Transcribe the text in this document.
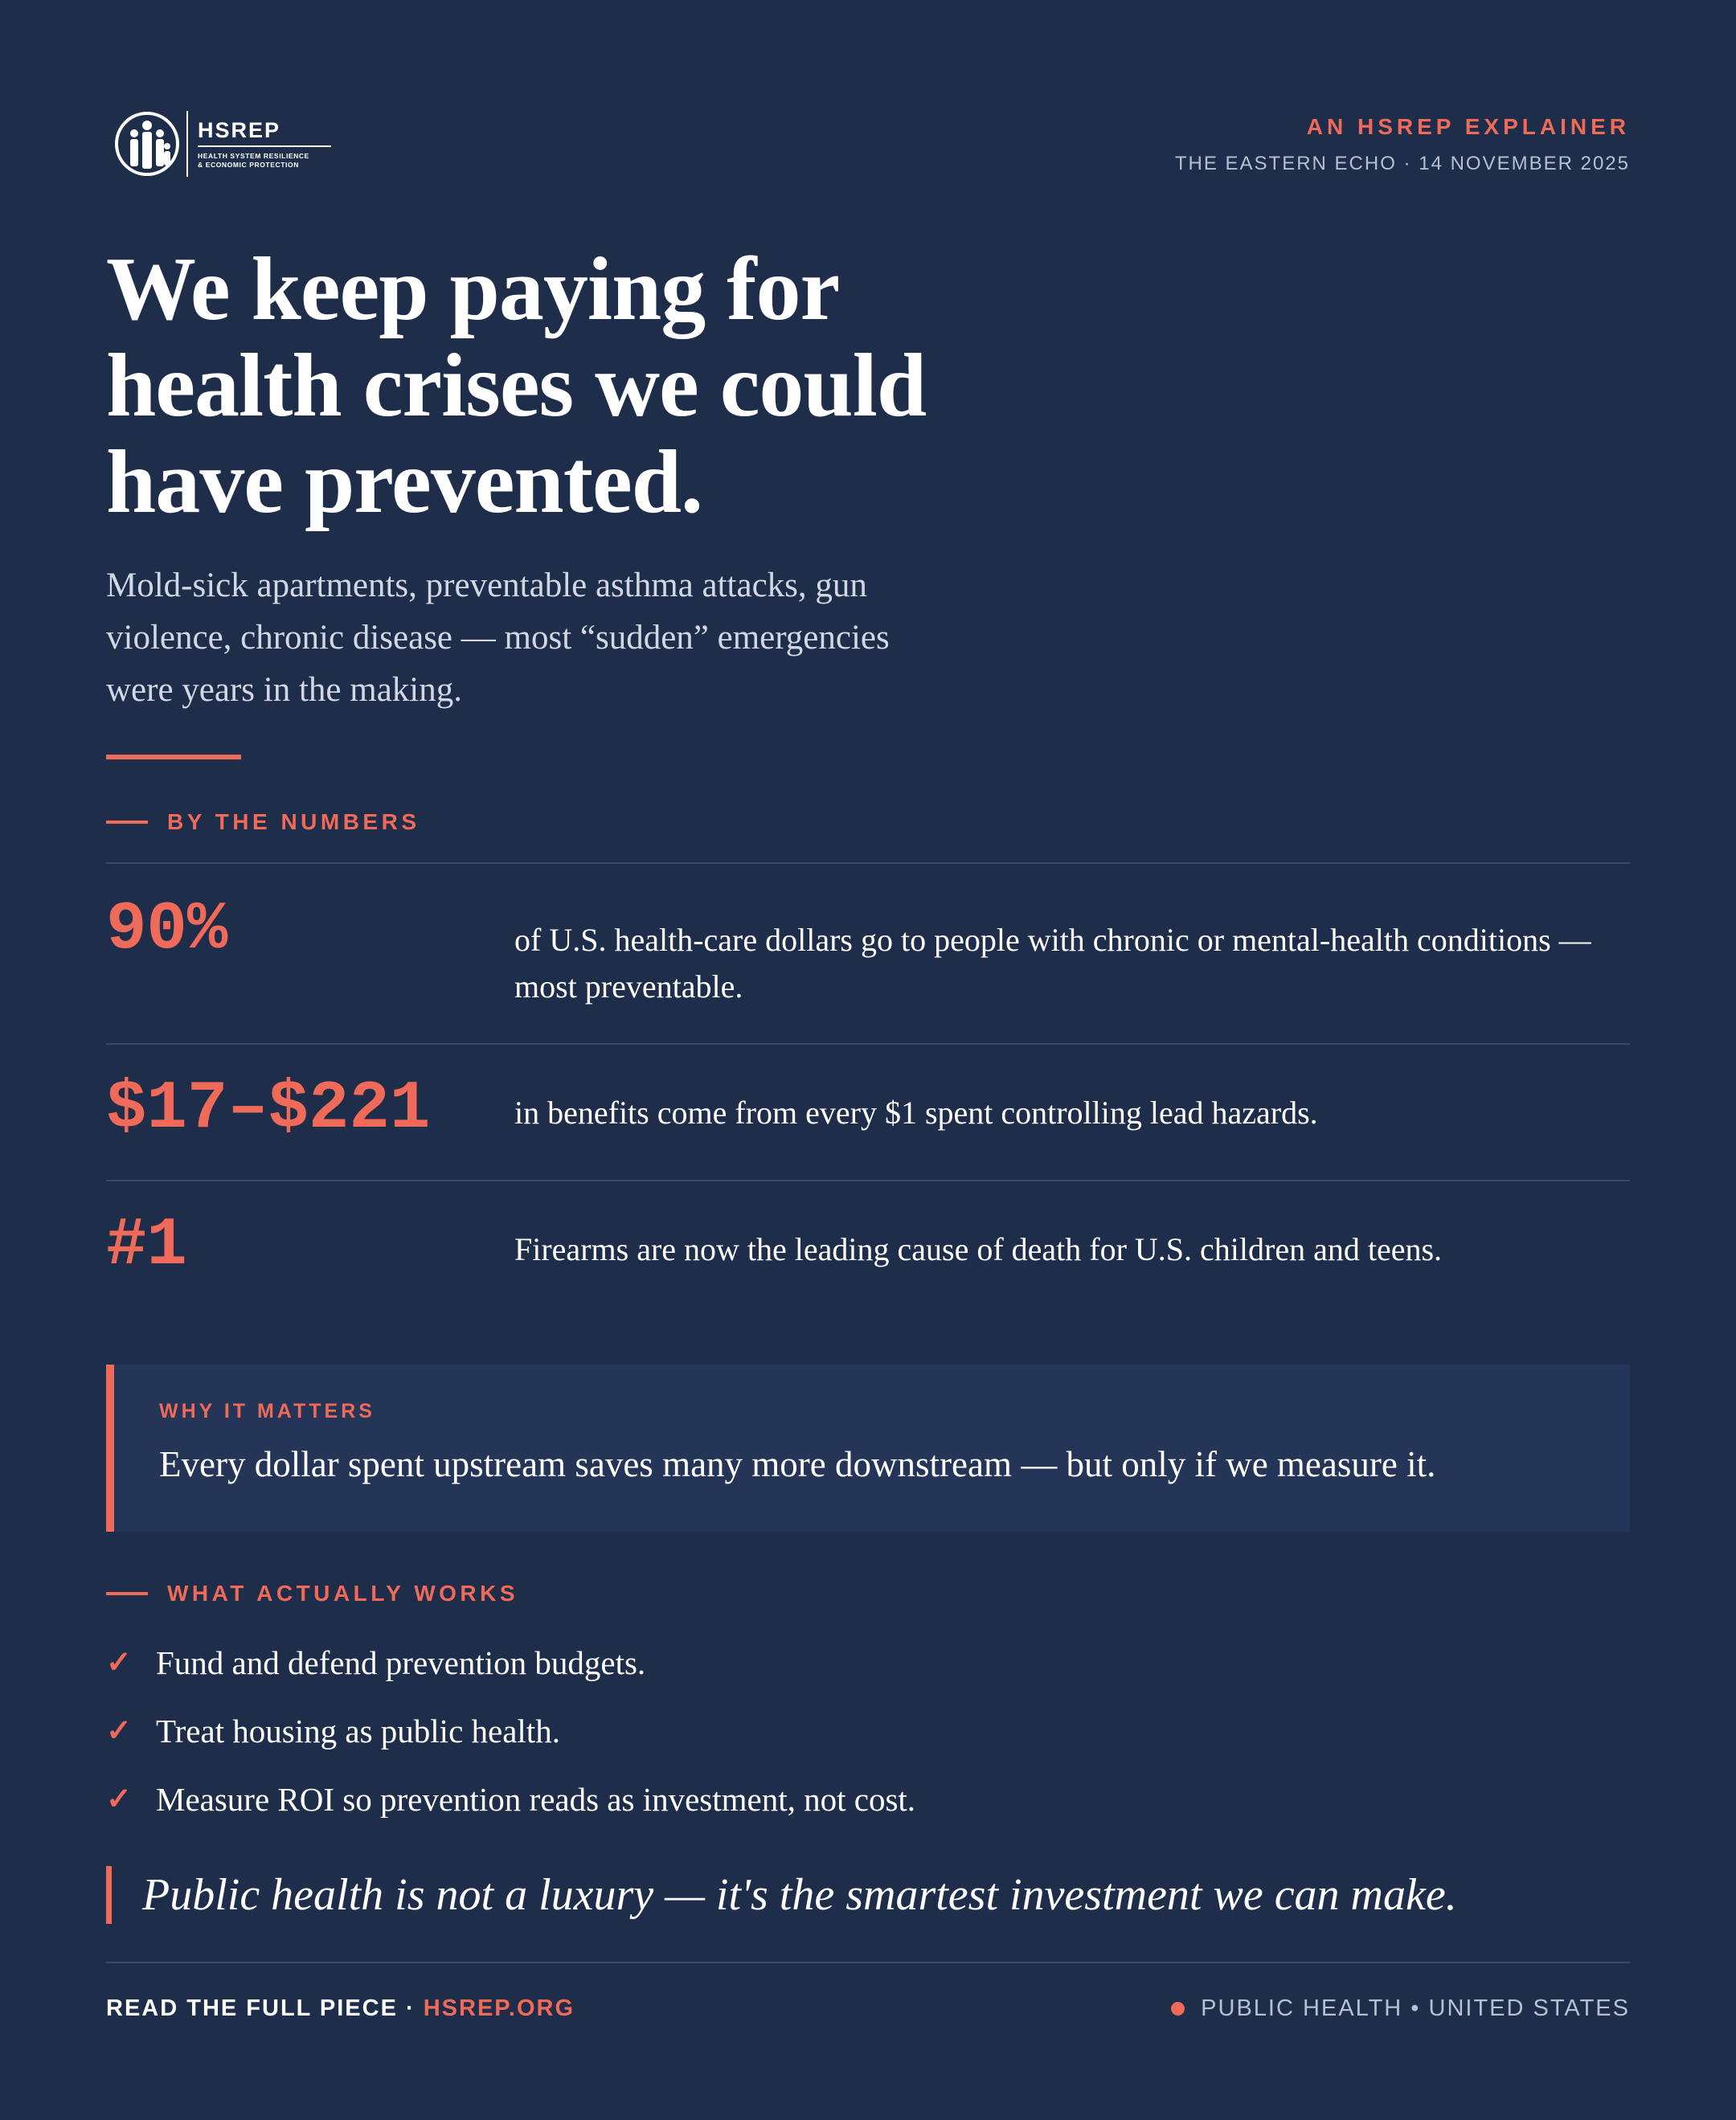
HSREP
HEALTH SYSTEM RESILIENCE
& ECONOMIC PROTECTION
AN HSREP EXPLAINER
THE EASTERN ECHO · 14 NOVEMBER 2025
We keep paying for health crises we could have prevented.

Mold-sick apartments, preventable asthma attacks, gun violence, chronic disease — most “sudden” emergencies were years in the making.

BY THE NUMBERS
90%	of U.S. health-care dollars go to people with chronic or mental-health conditions — most preventable.
$17–$221	in benefits come from every $1 spent controlling lead hazards.
#1	Firearms are now the leading cause of death for U.S. children and teens.
WHY IT MATTERS
Every dollar spent upstream saves many more downstream — but only if we measure it.
WHAT ACTUALLY WORKS
✓ Fund and defend prevention budgets.
✓ Treat housing as public health.
✓ Measure ROI so prevention reads as investment, not cost.
Public health is not a luxury — it's the smartest investment we can make.
READ THE FULL PIECE · HSREP.ORG	PUBLIC HEALTH • UNITED STATES
